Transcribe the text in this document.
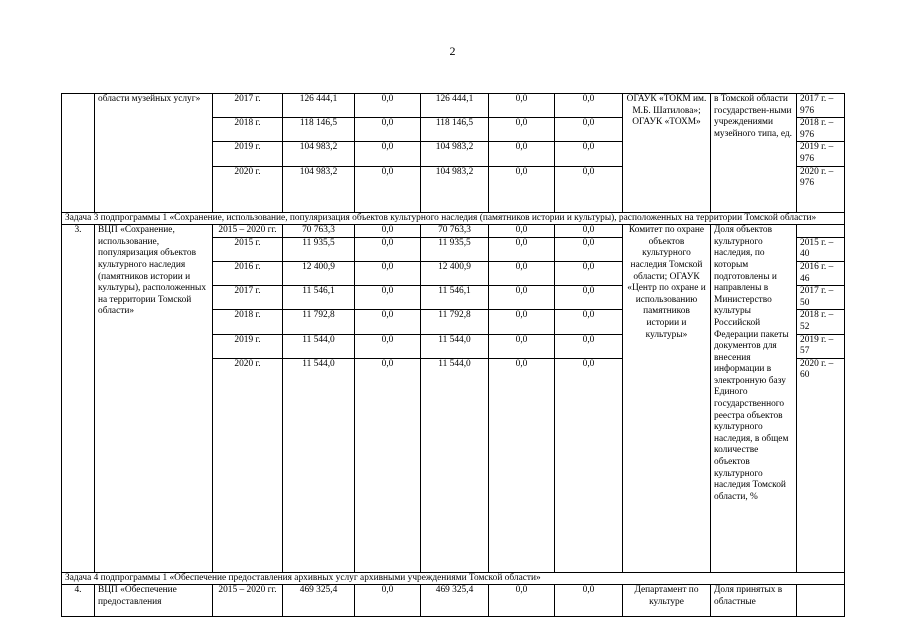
2
	области музейных услуг»	2017 г.	126 444,1	0,0	126 444,1	0,0	0,0	ОГАУК «ТОКМ им. М.Б. Шатилова»; ОГАУК «ТОХМ»	в Томской области государствен-ными учреждениями музейного типа, ед.	2017 г. – 976
		2018 г.	118 146,5	0,0	118 146,5	0,0	0,0			2018 г. – 976
		2019 г.	104 983,2	0,0	104 983,2	0,0	0,0			2019 г. – 976
		2020 г.	104 983,2	0,0	104 983,2	0,0	0,0			2020 г. – 976
Задача 3 подпрограммы 1 «Сохранение, использование, популяризация объектов культурного наследия (памятников истории и культуры), расположенных на территории Томской области»										
3.	ВЦП «Сохранение, использование, популяризация объектов культурного наследия (памятников истории и культуры), расположенных на территории Томской области»	2015 – 2020 гг.	70 763,3	0,0	70 763,3	0,0	0,0	Комитет по охране объектов культурного наследия Томской области; ОГАУК «Центр по охране и использованию памятников истории и культуры»	Доля объектов культурного наследия, по которым подготовлены и направлены в Министерство культуры Российской Федерации пакеты документов для внесения информации в электронную базу Единого государственного реестра объектов культурного наследия, в общем количестве объектов культурного наследия Томской области, %	
		2015 г.	11 935,5	0,0	11 935,5	0,0	0,0			2015 г. – 40
		2016 г.	12 400,9	0,0	12 400,9	0,0	0,0			2016 г. – 46
		2017 г.	11 546,1	0,0	11 546,1	0,0	0,0			2017 г. – 50
		2018 г.	11 792,8	0,0	11 792,8	0,0	0,0			2018 г. – 52
		2019 г.	11 544,0	0,0	11 544,0	0,0	0,0			2019 г. – 57
		2020 г.	11 544,0	0,0	11 544,0	0,0	0,0			2020 г. – 60
Задача 4 подпрограммы 1 «Обеспечение предоставления архивных услуг архивными учреждениями Томской области»										
4.	ВЦП «Обеспечение предоставления	2015 – 2020 гг.	469 325,4	0,0	469 325,4	0,0	0,0	Департамент по культуре	Доля принятых в областные	
